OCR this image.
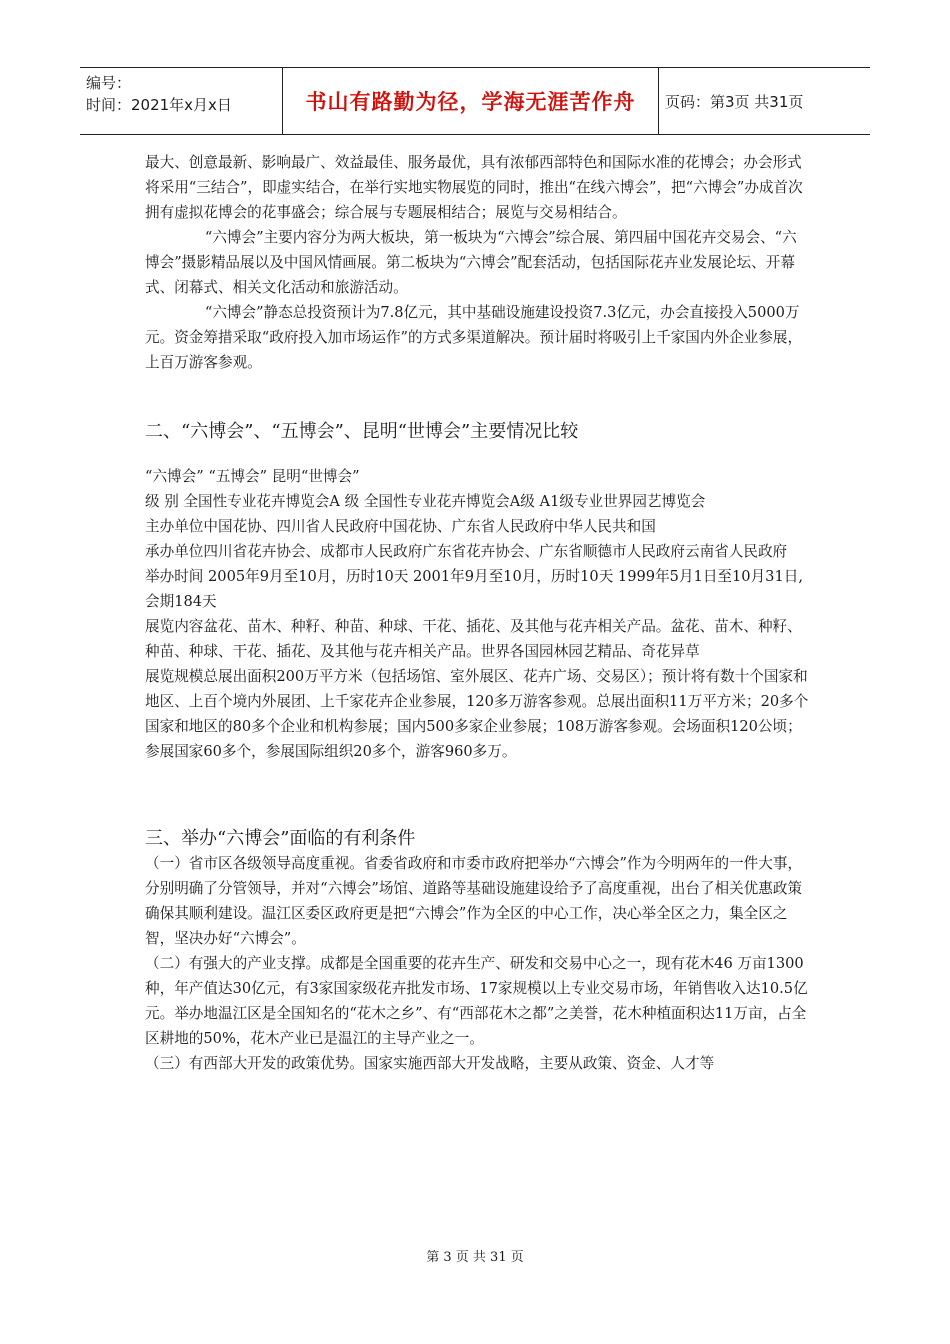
编号：
时间：2021年x月x日	书山有路勤为径，学海无涯苦作舟	页码：第3页 共31页

最大、创意最新、影响最广、效益最佳、服务最优，具有浓郁西部特色和国际水准的花博会；办会形式将采用“三结合”，即虚实结合，在举行实地实物展览的同时，推出“在线六博会”，把“六博会”办成首次拥有虚拟花博会的花事盛会；综合展与专题展相结合；展览与交易相结合。

“六博会”主要内容分为两大板块，第一板块为“六博会”综合展、第四届中国花卉交易会、“六博会”摄影精品展以及中国风情画展。第二板块为“六博会”配套活动，包括国际花卉业发展论坛、开幕式、闭幕式、相关文化活动和旅游活动。

“六博会”静态总投资预计为7.8亿元，其中基础设施建设投资7.3亿元，办会直接投入5000万元。资金筹措采取“政府投入加市场运作”的方式多渠道解决。预计届时将吸引上千家国内外企业参展，上百万游客参观。

二、“六博会”、“五博会”、昆明“世博会”主要情况比较

“六博会” “五博会” 昆明“世博会”

级 别 全国性专业花卉博览会A 级 全国性专业花卉博览会A级 A1级专业世界园艺博览会

主办单位中国花协、四川省人民政府中国花协、广东省人民政府中华人民共和国

承办单位四川省花卉协会、成都市人民政府广东省花卉协会、广东省顺德市人民政府云南省人民政府

举办时间 2005年9月至10月，历时10天 2001年9月至10月，历时10天 1999年5月1日至10月31日,会期184天

展览内容盆花、苗木、种籽、种苗、种球、干花、插花、及其他与花卉相关产品。盆花、苗木、种籽、种苗、种球、干花、插花、及其他与花卉相关产品。世界各国园林园艺精品、奇花异草

展览规模总展出面积200万平方米（包括场馆、室外展区、花卉广场、交易区）；预计将有数十个国家和地区、上百个境内外展团、上千家花卉企业参展，120多万游客参观。总展出面积11万平方米；20多个国家和地区的80多个企业和机构参展；国内500多家企业参展；108万游客参观。会场面积120公顷；参展国家60多个，参展国际组织20多个，游客960多万。

三、举办“六博会”面临的有利条件

（一）省市区各级领导高度重视。省委省政府和市委市政府把举办“六博会”作为今明两年的一件大事，分别明确了分管领导，并对“六博会”场馆、道路等基础设施建设给予了高度重视，出台了相关优惠政策确保其顺利建设。温江区委区政府更是把“六博会”作为全区的中心工作，决心举全区之力，集全区之智，坚决办好“六博会”。

（二）有强大的产业支撑。成都是全国重要的花卉生产、研发和交易中心之一，现有花木46 万亩1300种，年产值达30亿元，有3家国家级花卉批发市场、17家规模以上专业交易市场，年销售收入达10.5亿元。举办地温江区是全国知名的“花木之乡”、有“西部花木之都”之美誉，花木种植面积达11万亩，占全区耕地的50%，花木产业已是温江的主导产业之一。

（三）有西部大开发的政策优势。国家实施西部大开发战略，主要从政策、资金、人才等

第 3 页 共 31 页
